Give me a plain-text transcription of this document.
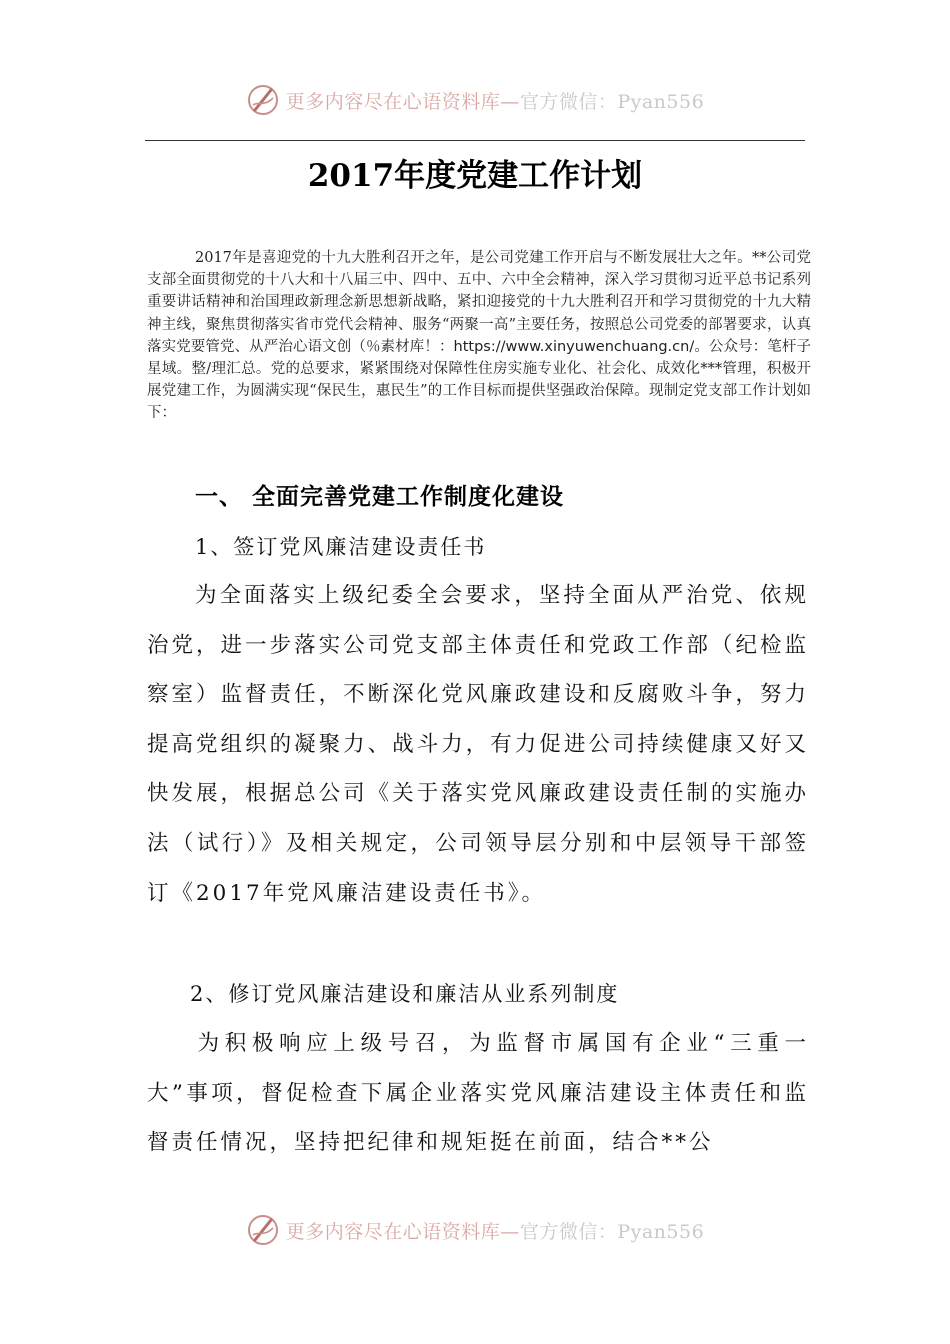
更多内容尽在心语资料库—官方微信：Pyan556
2017年度党建工作计划
2017年是喜迎党的十九大胜利召开之年，是公司党建工作开启与不断发展壮大之年。**公司党支部全面贯彻党的十八大和十八届三中、四中、五中、六中全会精神，深入学习贯彻习近平总书记系列重要讲话精神和治国理政新理念新思想新战略，紧扣迎接党的十九大胜利召开和学习贯彻党的十九大精神主线，聚焦贯彻落实省市党代会精神、服务“两聚一高”主要任务，按照总公司党委的部署要求，认真落实党要管党、从严治心语文创（％素材库！：https://www.xinyuwenchuang.cn/。公众号：笔杆子星域。整/理汇总。党的总要求，紧紧围绕对保障性住房实施专业化、社会化、成效化***管理，积极开展党建工作，为圆满实现“保民生，惠民生”的工作目标而提供坚强政治保障。现制定党支部工作计划如下：
一、 全面完善党建工作制度化建设
1、签订党风廉洁建设责任书
为全面落实上级纪委全会要求，坚持全面从严治党、依规治党，进一步落实公司党支部主体责任和党政工作部（纪检监察室）监督责任，不断深化党风廉政建设和反腐败斗争，努力提高党组织的凝聚力、战斗力，有力促进公司持续健康又好又快发展，根据总公司《关于落实党风廉政建设责任制的实施办法（试行）》及相关规定，公司领导层分别和中层领导干部签订《2017年党风廉洁建设责任书》。
2、修订党风廉洁建设和廉洁从业系列制度
为积极响应上级号召，为监督市属国有企业“三重一大”事项，督促检查下属企业落实党风廉洁建设主体责任和监督责任情况，坚持把纪律和规矩挺在前面，结合**公
更多内容尽在心语资料库—官方微信：Pyan556
